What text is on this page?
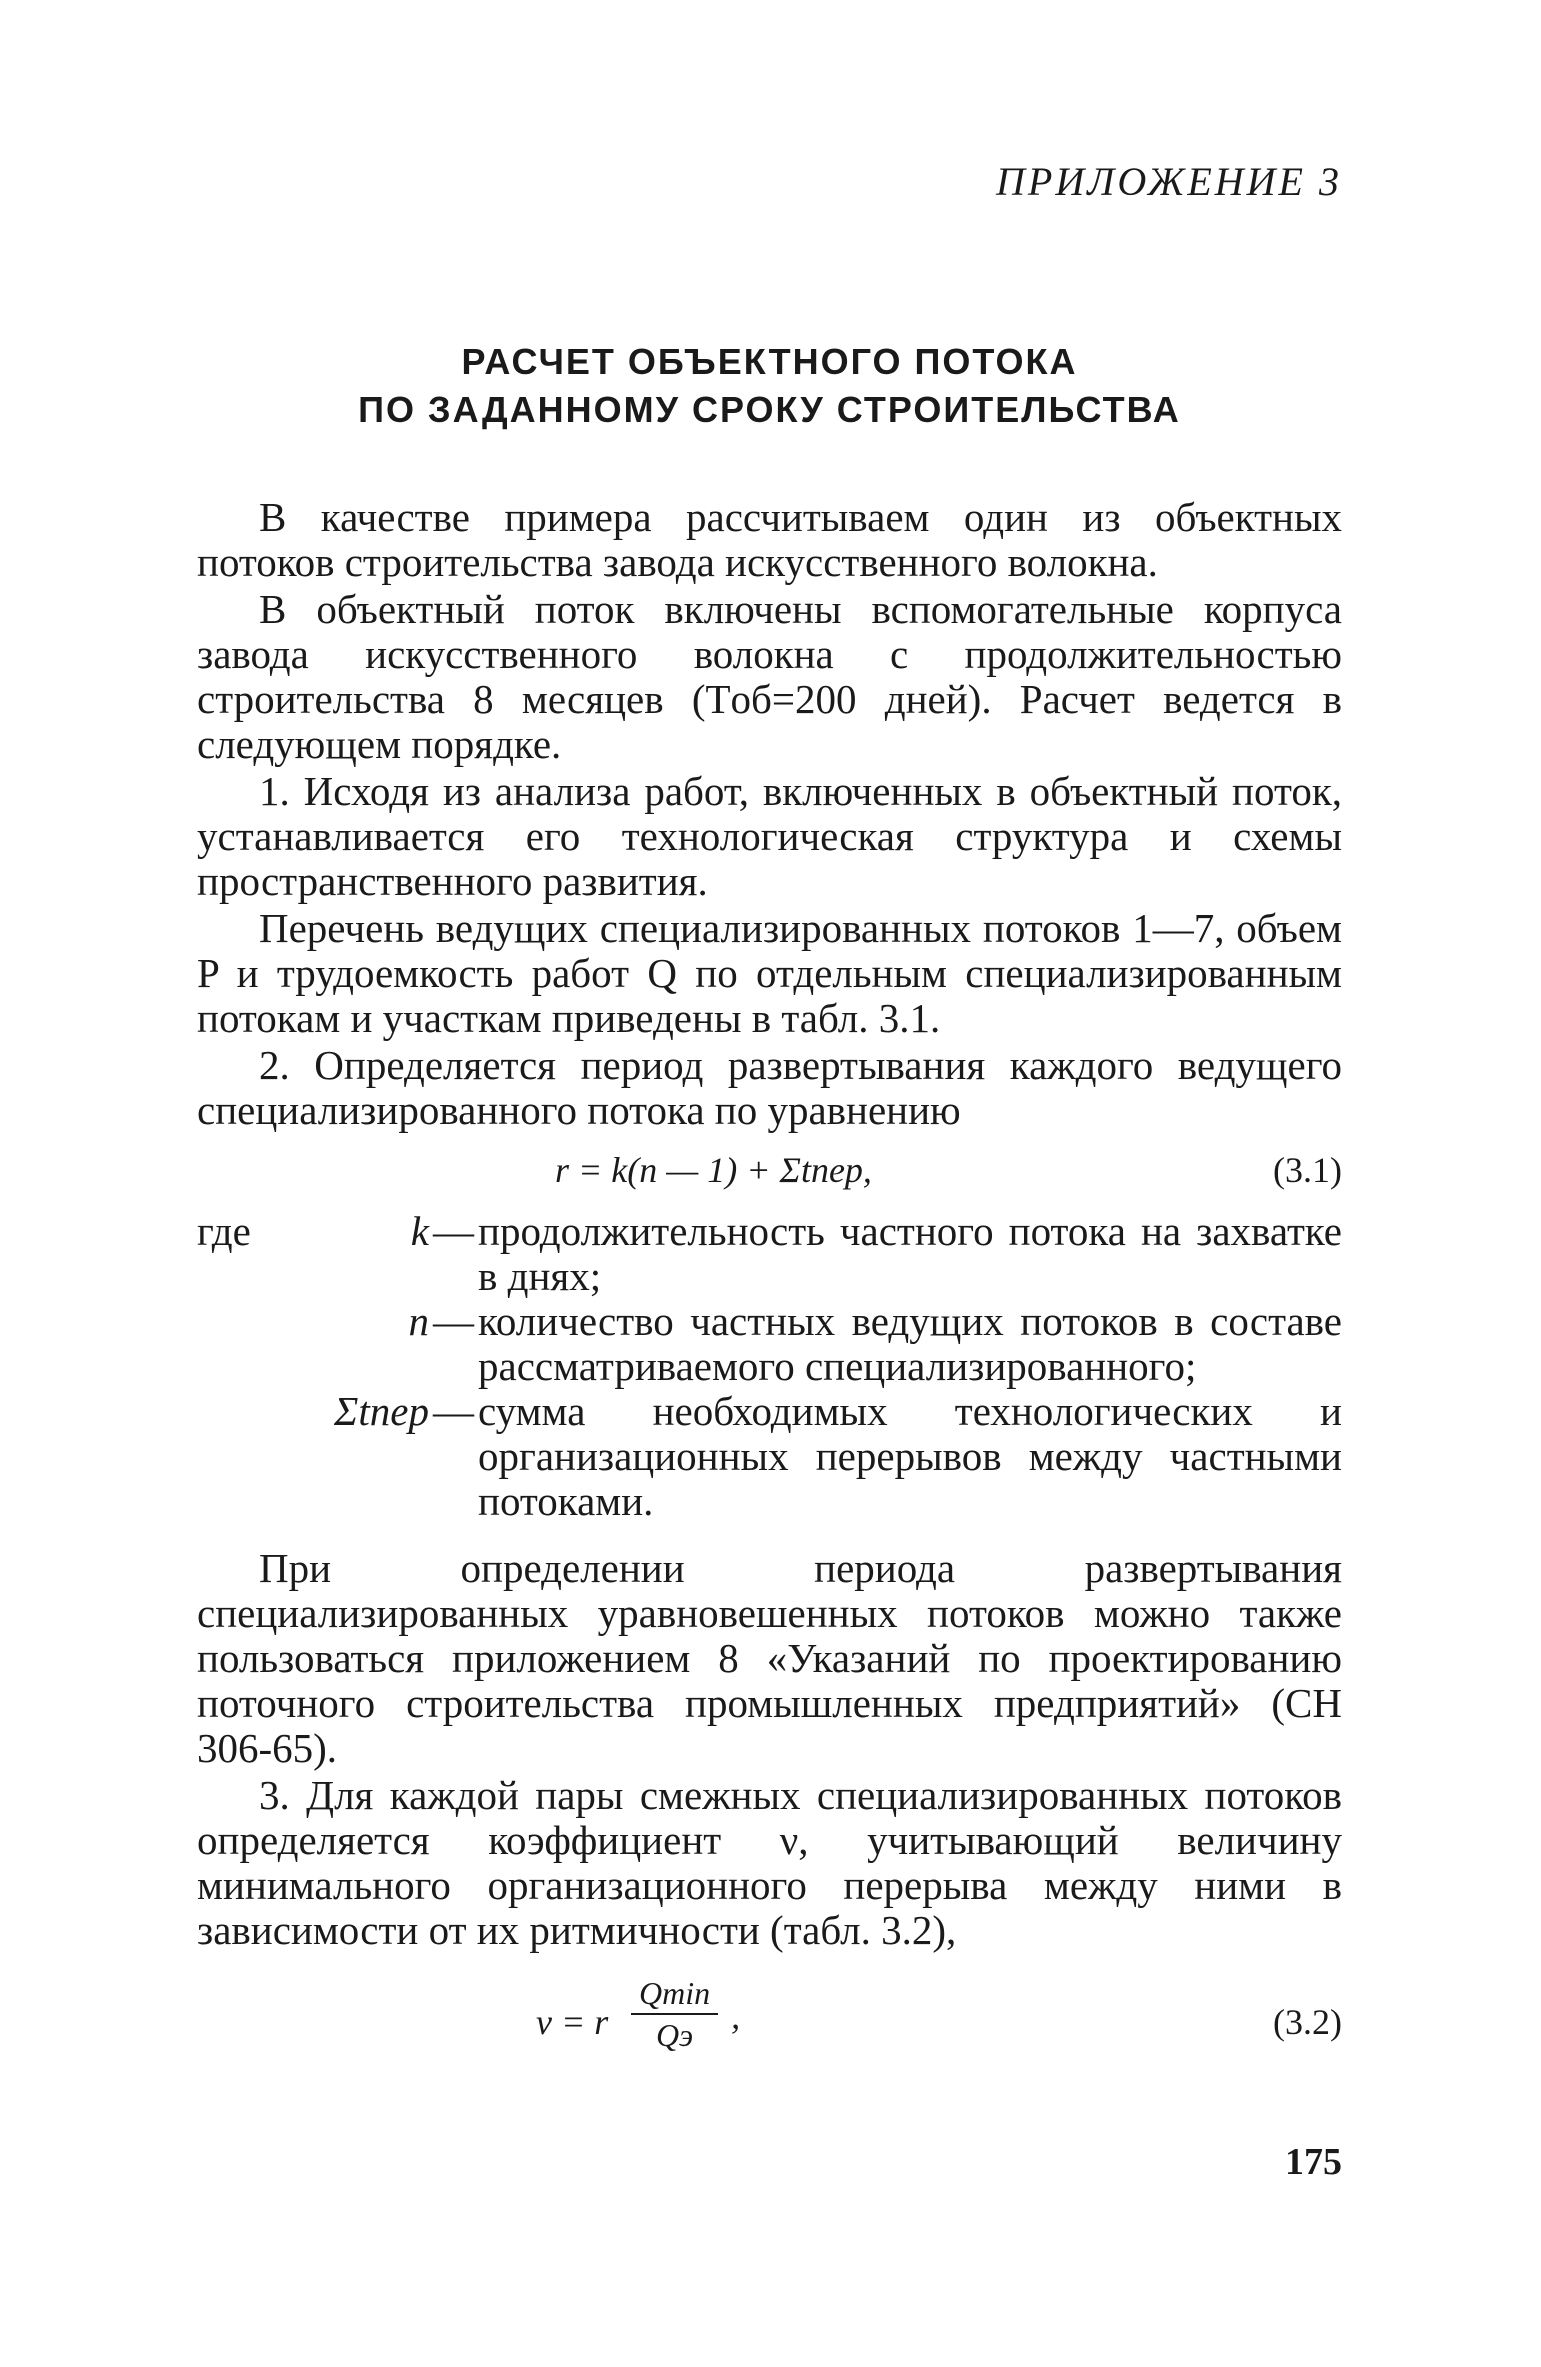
ПРИЛОЖЕНИЕ 3
РАСЧЕТ ОБЪЕКТНОГО ПОТОКА
ПО ЗАДАННОМУ СРОКУ СТРОИТЕЛЬСТВА

В качестве примера рассчитываем один из объектных потоков строительства завода искусственного волокна.

В объектный поток включены вспомогательные корпуса завода искусственного волокна с продолжительностью строительства 8 месяцев (Tоб=200 дней). Расчет ведется в следующем порядке.

1. Исходя из анализа работ, включенных в объектный поток, устанавливается его технологическая структура и схемы пространственного развития.

Перечень ведущих специализированных потоков 1—7, объем P и трудоемкость работ Q по отдельным специализированным потокам и участкам приведены в табл. 3.1.

2. Определяется период развертывания каждого ведущего специализированного потока по уравнению

r = k(n — 1) + Σtпер,	(3.1)
где	k — продолжительность частного потока на захватке в днях;
n — количество частных ведущих потоков в составе рассматриваемого специализированного;
Σtпер — сумма необходимых технологических и организационных перерывов между частными потоками.

При определении периода развертывания специализированных уравновешенных потоков можно также пользоваться приложением 8 «Указаний по проектированию поточного строительства промышленных предприятий» (СН 306-65).

3. Для каждой пары смежных специализированных потоков определяется коэффициент ν, учитывающий величину минимального организационного перерыва между ними в зависимости от их ритмичности (табл. 3.2),

ν = r
Qmin
Qэ	,	(3.2)
175
